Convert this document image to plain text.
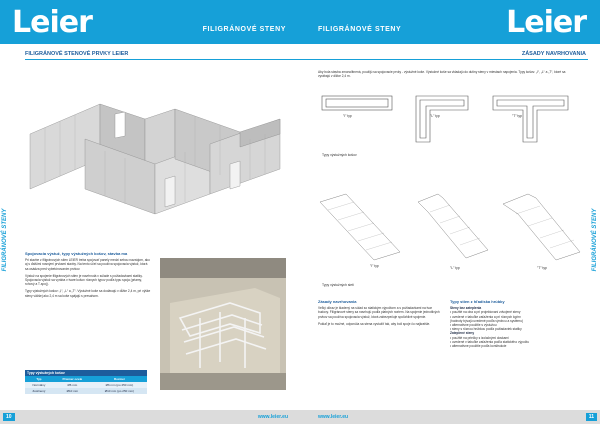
Leier	FILIGRÁNOVÉ STENY
FILIGRÁNOVÉ STENOVÉ PRVKY LEIER
FILIGRÁNOVÉ STENY	Spojovacia výstuž, typy výstužných košov, stavba ma
Pri stavbe z filigránových stien LEIER treba spojovať panely medzi sebou navzájom, ako aj s ďalšími nosnými prvkami stavby. Na tento účel sa používa spojovacia výstuž, ktorá sa osádza pred vybetónovaním prvkov.
Výstuž na spojenie filigránových stien je navrhnutá v súlade s požiadavkami statiky. Spojovacia výstuž sa vyrába v tvare košov rôznych typov podľa typu spoja (priamy, rohový a T-spoj).
Typy výstužných košov: „I“, „L“ a „T“. Výstužné koše sa dodávajú v dĺžke 2,4 m, pri výške steny väčšej ako 2,4 m sa koše spájajú s presahom.
Typy výstužných košov		
Typ	Priemer ocele	Rozmer
Normálny	Ø6 mm	Ø6 mm (po 250 mm)
Zosilnený	Ø10 mm	Ø10 mm (po 250 mm)
10	www.leier.eu
FILIGRÁNOVÉ STENY	Leier
ZÁSADY NAVRHOVANIA
FILIGRÁNOVÉ STENY
Aby bola stavba zmonolitnená, použijú sa spojovacie prvky - výstužné koše. Výstužné koše sa vkladajú do dutiny steny v miestach napojenia. Typy košov: „I“, „L“ a „T“, ktoré sa vyrábajú v dĺžke 2,4 m.
"I" typ	"L" typ	"T" typ
Typy výstužných košov
"I" typ	"L" typ	"T" typ
Typy výstužných sietí
Zásady navrhovania
Veľký dôraz je kladený na súlad so statickým výpočtom a s požiadavkami na tvar budovy. Filigránové steny sa navrhujú podľa platných noriem. Na spojenie jednotlivých prvkov sa používa spojovacia výstuž, ktorá zabezpečuje spoľahlivé spojenie.
Pokiaľ je to možné, odporúča sa stena vystužiť tak, aby boli spoje čo najkratšie.
Typy stien z hľadiska hrúbky
Steny bez zateplenia
• použité na oba a pri projektovaní zdvojené steny
• uvedené v tabuľke zaťaženia a pri rôznych kg/m²
(hodnoty bývajú uvedené podľa výrobcu a systému)
• alternatívne použitie s výstužou
• steny s rôznou hrúbkou podľa požiadaviek statiky
Zateplené steny
• použité na priečky s izolačnými doskami
• uvedené v tabuľke zaťaženia podľa statického výpočtu
• alternatívne použitie podľa konštrukcie
www.leier.eu	11
